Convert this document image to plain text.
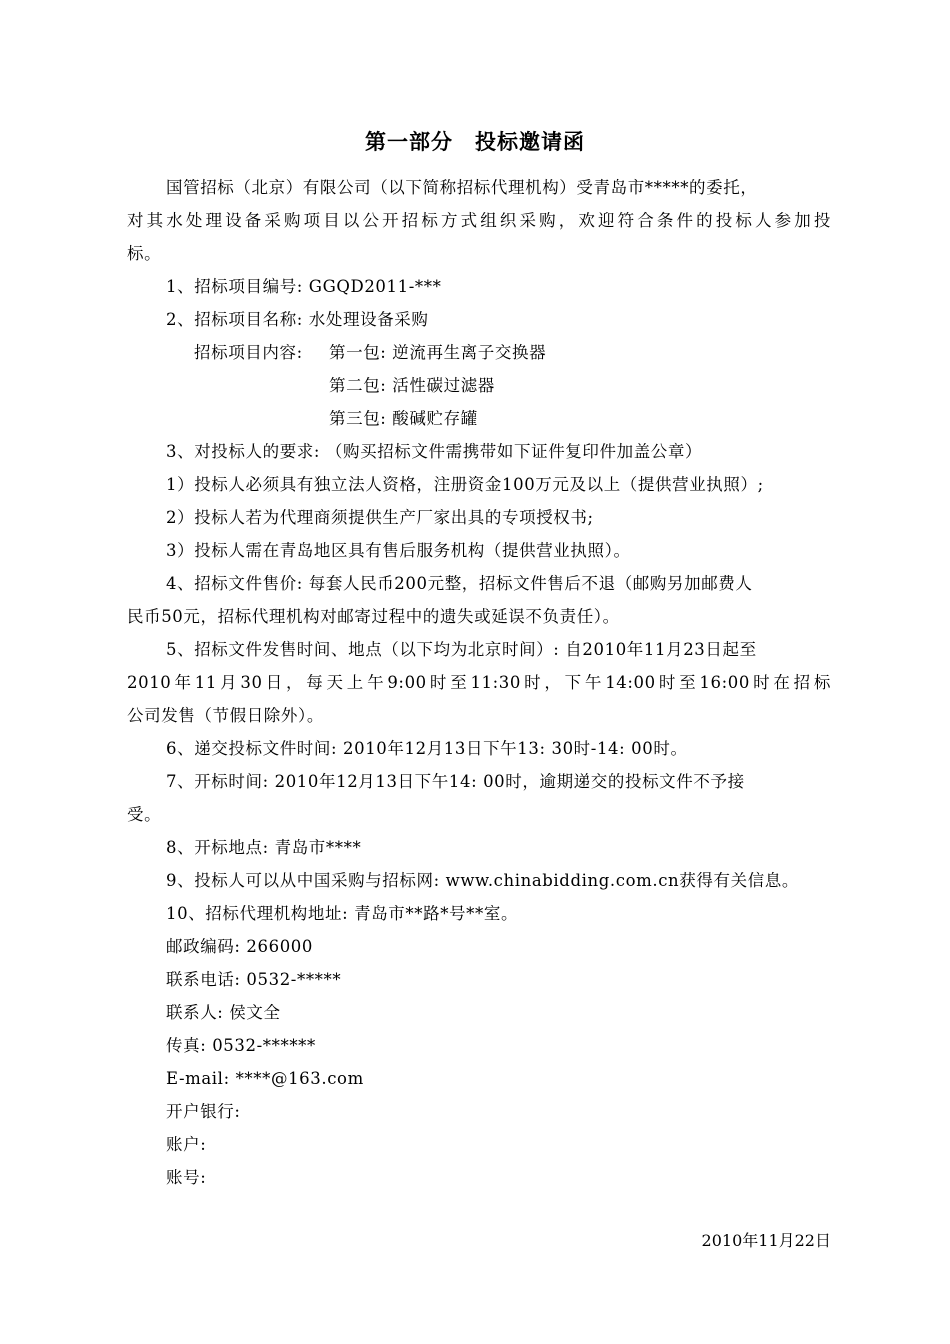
第一部分　投标邀请函
国管招标（北京）有限公司（以下简称招标代理机构）受青岛市*****的委托，
对其水处理设备采购项目以公开招标方式组织采购，欢迎符合条件的投标人参加投
标。
1、招标项目编号: GGQD2011-***
2、招标项目名称: 水处理设备采购
招标项目内容: 第一包: 逆流再生离子交换器
第二包: 活性碳过滤器
第三包: 酸碱贮存罐
3、对投标人的要求: （购买招标文件需携带如下证件复印件加盖公章）
1）投标人必须具有独立法人资格，注册资金100万元及以上（提供营业执照）;
2）投标人若为代理商须提供生产厂家出具的专项授权书;
3）投标人需在青岛地区具有售后服务机构（提供营业执照）。
4、招标文件售价: 每套人民币200元整，招标文件售后不退（邮购另加邮费人
民币50元，招标代理机构对邮寄过程中的遗失或延误不负责任）。
5、招标文件发售时间、地点（以下均为北京时间）: 自2010年11月23日起至
2010年11月30日，每天上午9:00时至11:30时，下午14:00时至16:00时在招标
公司发售（节假日除外）。
6、递交投标文件时间: 2010年12月13日下午13: 30时-14: 00时。
7、开标时间: 2010年12月13日下午14: 00时，逾期递交的投标文件不予接
受。
8、开标地点: 青岛市****
9、投标人可以从中国采购与招标网: www.chinabidding.com.cn获得有关信息。
10、招标代理机构地址: 青岛市**路*号**室。
邮政编码: 266000
联系电话: 0532-*****
联系人: 侯文全
传真: 0532-******
E-mail: ****@163.com
开户银行:
账户:
账号:
2010年11月22日
